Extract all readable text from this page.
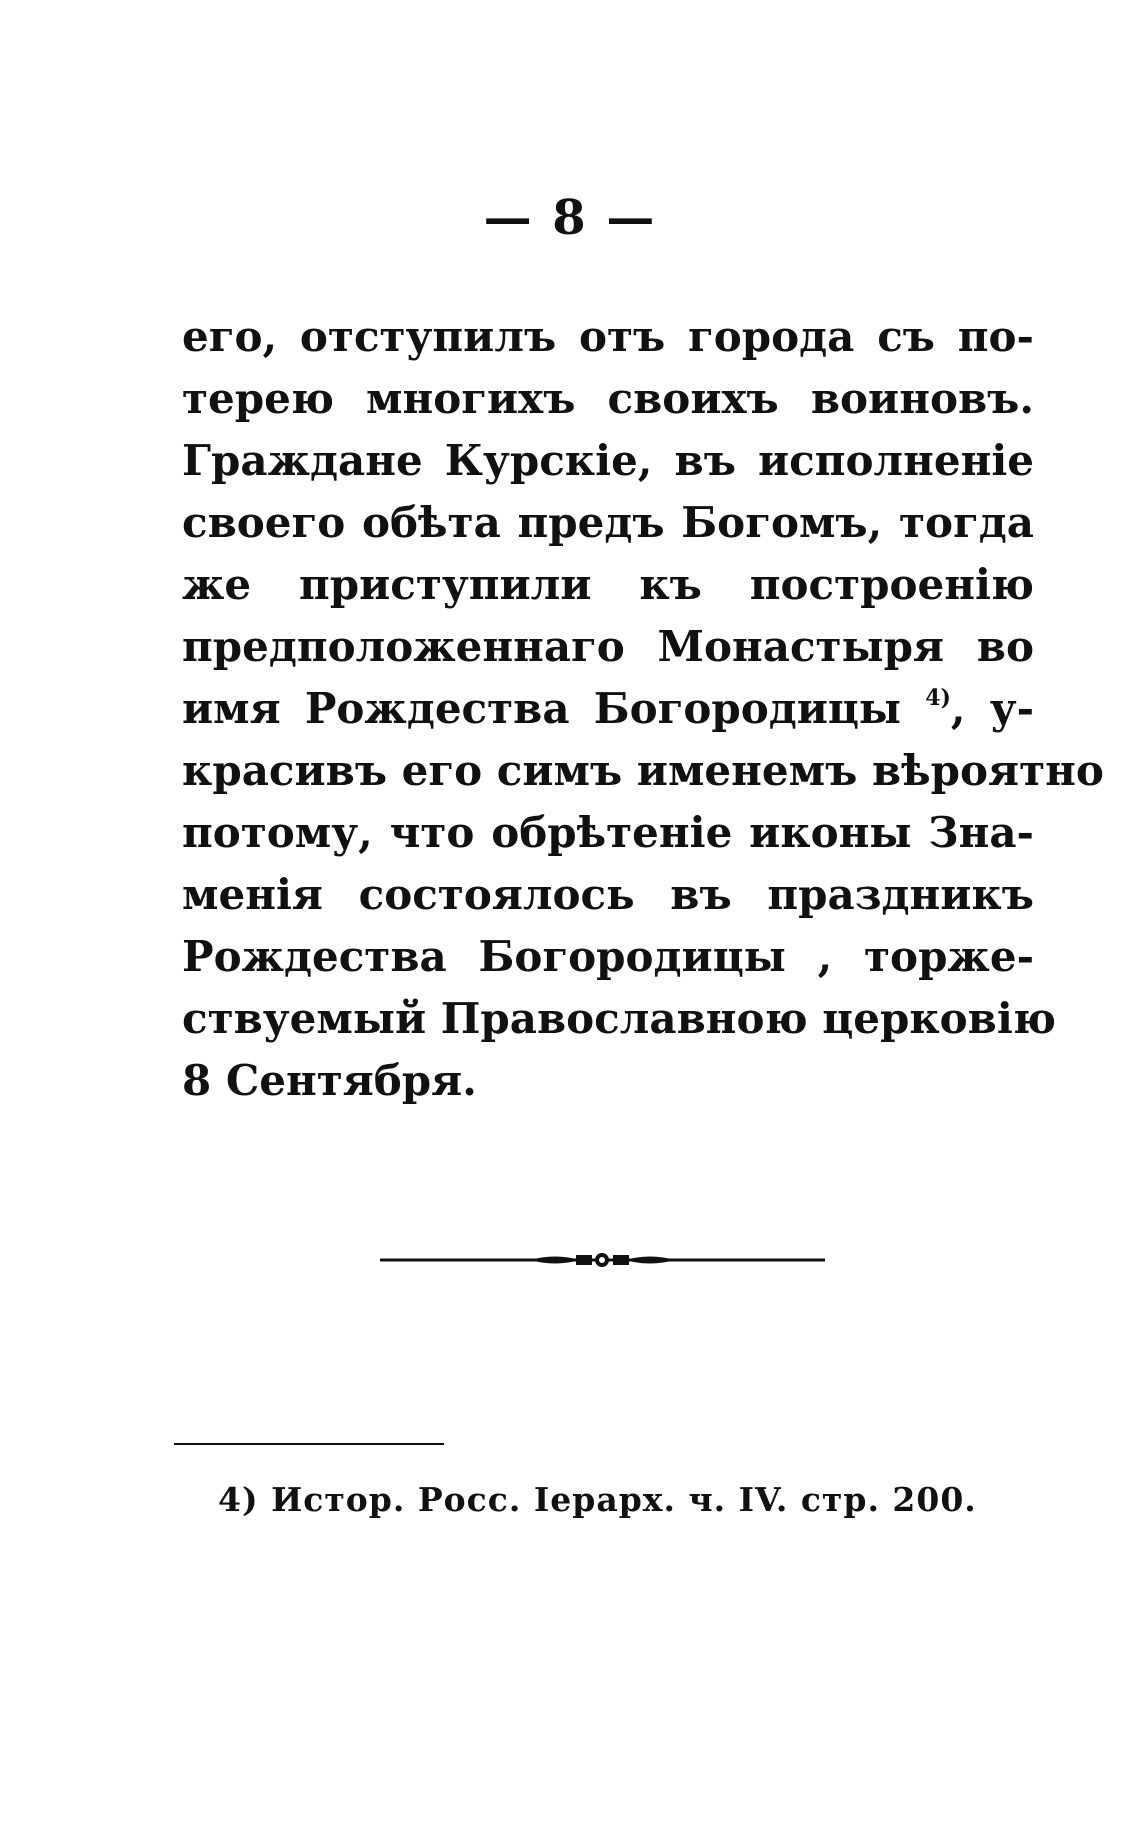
— 8 —
его, отступилъ отъ города съ по-
терею многихъ своихъ воиновъ.
Граждане Курскіе, въ исполненіе
своего обѣта предъ Богомъ, тогда
же приступили къ построенію
предположеннаго Монастыря во
имя Рождества Богородицы $^{4)}$, у-
красивъ его симъ именемъ вѣроятно
потому, что обрѣтеніе иконы Зна-
менія состоялось въ праздникъ
Рождества Богородицы , торже-
ствуемый Православною церковію
8 Сентября.
4) Истор. Росс. Іерарх. ч. IV. стр. 200.
